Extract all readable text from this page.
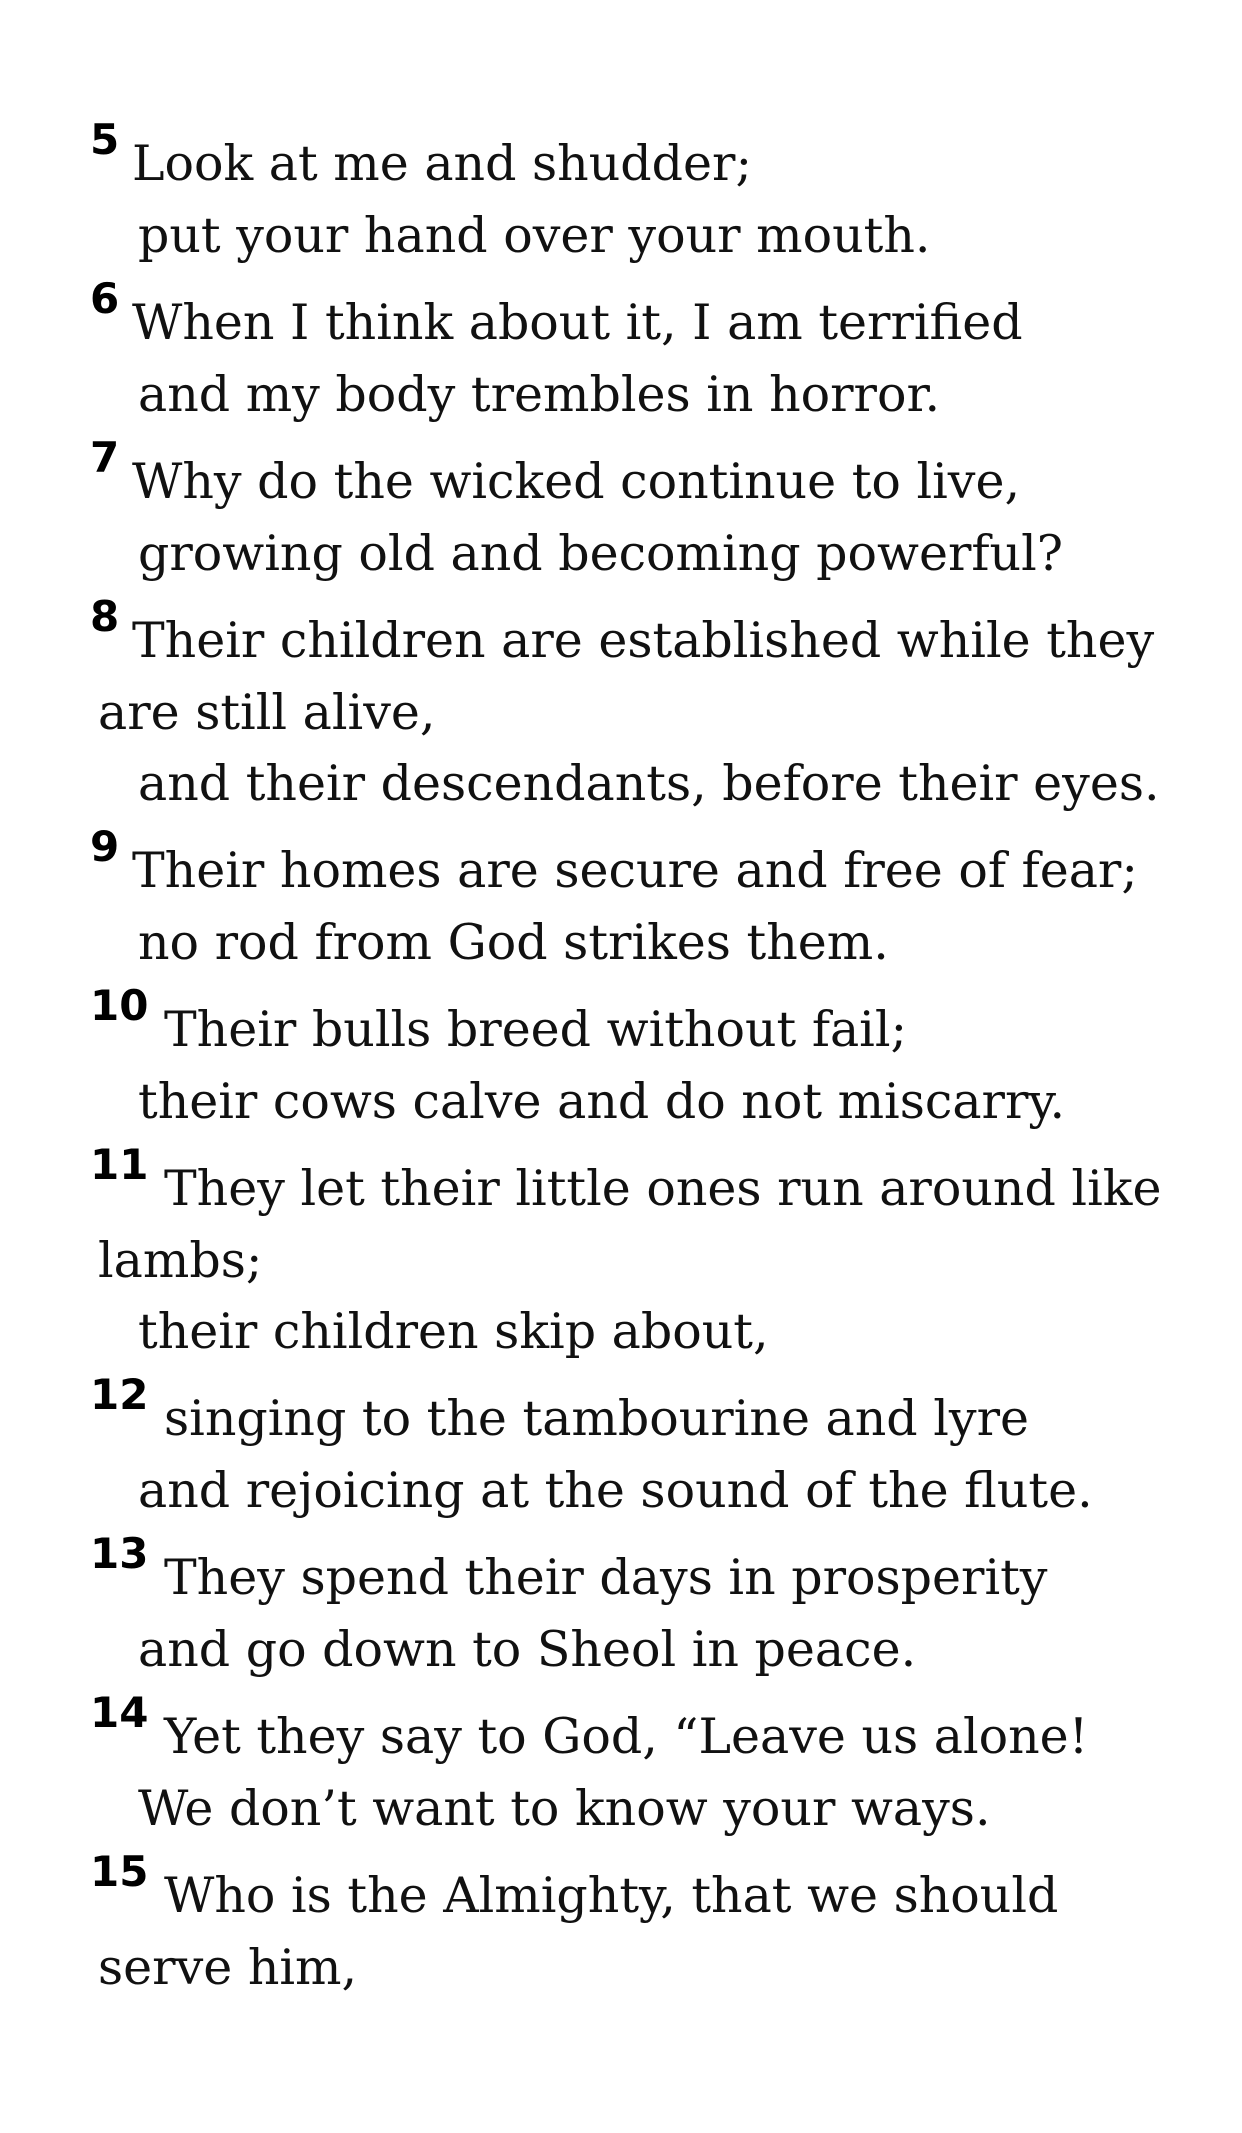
5 Look at me and shudder;
put your hand over your mouth.
6 When I think about it, I am terrified
and my body trembles in horror.
7 Why do the wicked continue to live,
growing old and becoming powerful?
8 Their children are established while they
are still alive,
and their descendants, before their eyes.
9 Their homes are secure and free of fear;
no rod from God strikes them.
10 Their bulls breed without fail;
their cows calve and do not miscarry.
11 They let their little ones run around like
lambs;
their children skip about,
12 singing to the tambourine and lyre
and rejoicing at the sound of the flute.
13 They spend their days in prosperity
and go down to Sheol in peace.
14 Yet they say to God, “Leave us alone!
We don’t want to know your ways.
15 Who is the Almighty, that we should
serve him,
